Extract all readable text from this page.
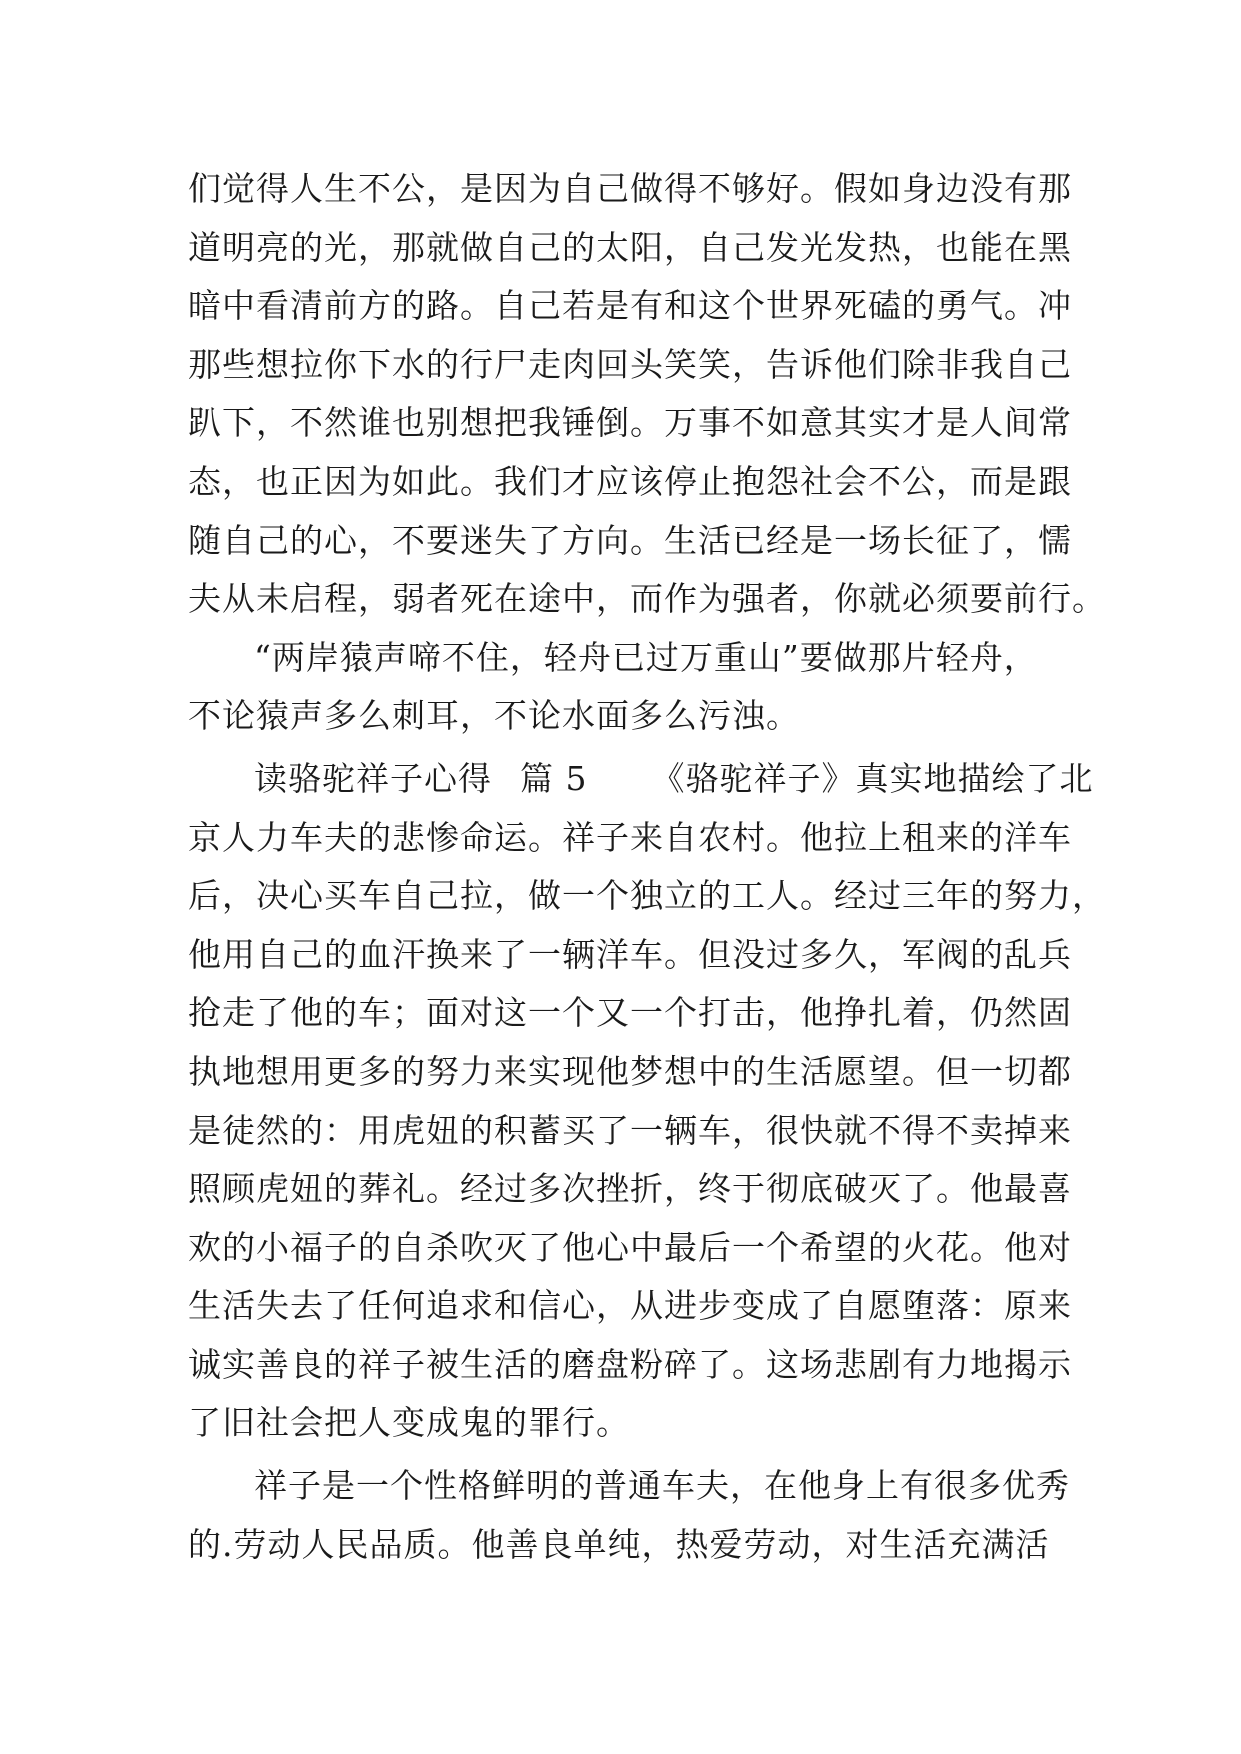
们觉得人生不公，是因为自己做得不够好。假如身边没有那
道明亮的光，那就做自己的太阳，自己发光发热，也能在黑
暗中看清前方的路。自己若是有和这个世界死磕的勇气。冲
那些想拉你下水的行尸走肉回头笑笑，告诉他们除非我自己
趴下，不然谁也别想把我锤倒。万事不如意其实才是人间常
态，也正因为如此。我们才应该停止抱怨社会不公，而是跟
随自己的心，不要迷失了方向。生活已经是一场长征了，懦
夫从未启程，弱者死在途中，而作为强者，你就必须要前行。
“两岸猿声啼不住，轻舟已过万重山”要做那片轻舟，
不论猿声多么刺耳，不论水面多么污浊。
读骆驼祥子心得 篇 5 《骆驼祥子》真实地描绘了北
京人力车夫的悲惨命运。祥子来自农村。他拉上租来的洋车
后，决心买车自己拉，做一个独立的工人。经过三年的努力，
他用自己的血汗换来了一辆洋车。但没过多久，军阀的乱兵
抢走了他的车；面对这一个又一个打击，他挣扎着，仍然固
执地想用更多的努力来实现他梦想中的生活愿望。但一切都
是徒然的：用虎妞的积蓄买了一辆车，很快就不得不卖掉来
照顾虎妞的葬礼。经过多次挫折，终于彻底破灭了。他最喜
欢的小福子的自杀吹灭了他心中最后一个希望的火花。他对
生活失去了任何追求和信心，从进步变成了自愿堕落：原来
诚实善良的祥子被生活的磨盘粉碎了。这场悲剧有力地揭示
了旧社会把人变成鬼的罪行。
祥子是一个性格鲜明的普通车夫，在他身上有很多优秀
的.劳动人民品质。他善良单纯，热爱劳动，对生活充满活
